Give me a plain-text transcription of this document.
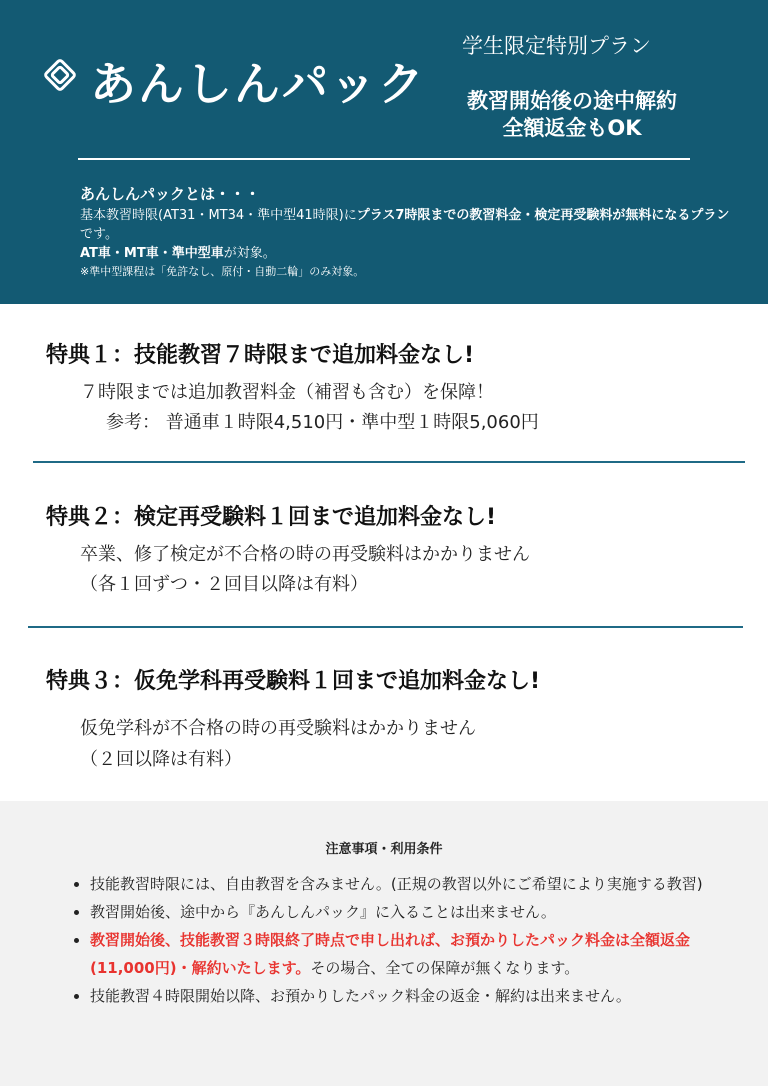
あんしんパック
学生限定特別プラン
教習開始後の途中解約
全額返金もOK
あんしんパックとは・・・
基本教習時限(AT31・MT34・準中型41時限)にプラス7時限までの教習料金・検定再受験料が無料になるプランです。
AT車・MT車・準中型車が対象。
※準中型課程は「免許なし、原付・自動二輪」のみ対象。
特典１：技能教習７時限まで追加料金なし!
７時限までは追加教習料金（補習も含む）を保障！
参考： 普通車１時限4,510円・準中型１時限5,060円
特典２：検定再受験料１回まで追加料金なし!
卒業、修了検定が不合格の時の再受験料はかかりません
（各１回ずつ・２回目以降は有料）
特典３：仮免学科再受験料１回まで追加料金なし!
仮免学科が不合格の時の再受験料はかかりません
（２回以降は有料）
注意事項・利用条件
• 技能教習時限には、自由教習を含みません。(正規の教習以外にご希望により実施する教習)
• 教習開始後、途中から『あんしんパック』に入ることは出来ません。
• 教習開始後、技能教習３時限終了時点で申し出れば、お預かりしたパック料金は全額返金(11,000円)・解約いたします。その場合、全ての保障が無くなります。
• 技能教習４時限開始以降、お預かりしたパック料金の返金・解約は出来ません。
